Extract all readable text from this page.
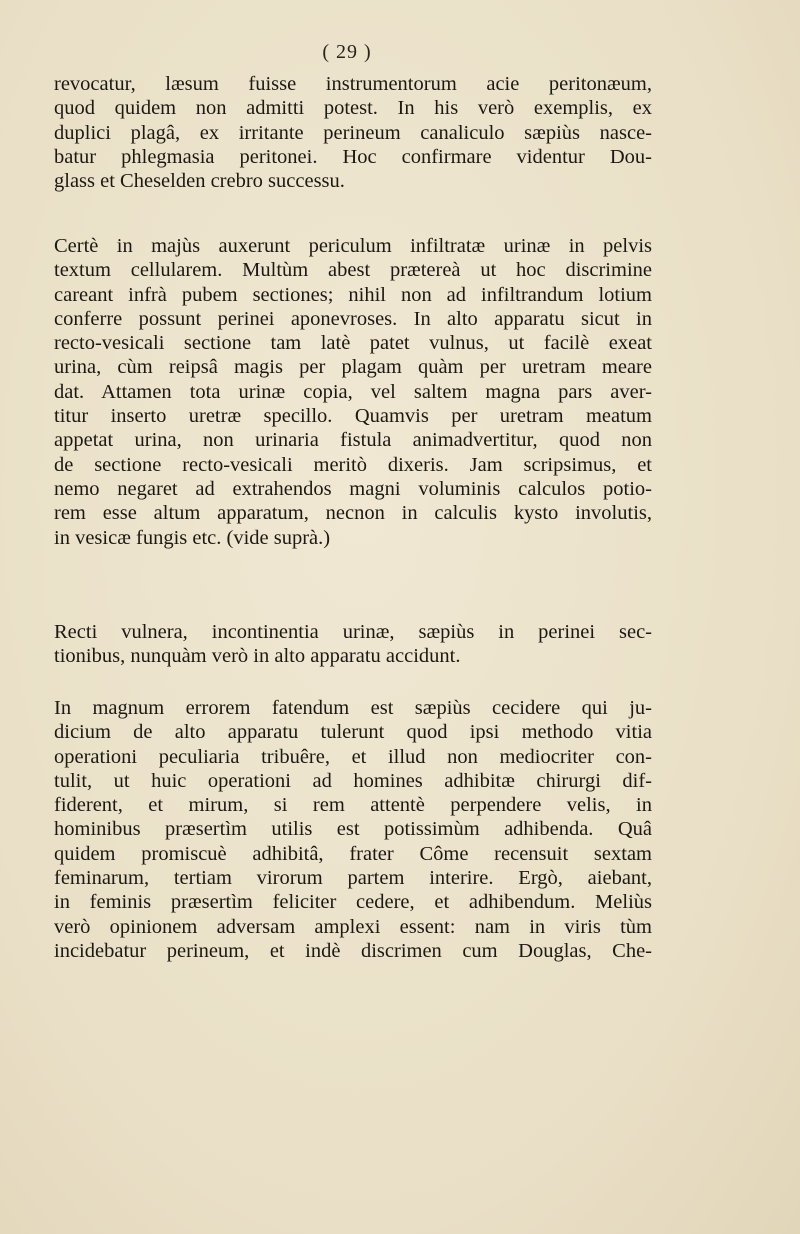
( 29 )
revocatur, læsum fuisse instrumentorum acie peritonæum,
quod quidem non admitti potest. In his verò exemplis, ex
duplici plagâ, ex irritante perineum canaliculo sæpiùs nasce-
batur phlegmasia peritonei. Hoc confirmare videntur Dou-
glass et Cheselden crebro successu.
Certè in majùs auxerunt periculum infiltratæ urinæ in pelvis
textum cellularem. Multùm abest prætereà ut hoc discrimine
careant infrà pubem sectiones; nihil non ad infiltrandum lotium
conferre possunt perinei aponevroses. In alto apparatu sicut in
recto-vesicali sectione tam latè patet vulnus, ut facilè exeat
urina, cùm reipsâ magis per plagam quàm per uretram meare
dat. Attamen tota urinæ copia, vel saltem magna pars aver-
titur inserto uretræ specillo. Quamvis per uretram meatum
appetat urina, non urinaria fistula animadvertitur, quod non
de sectione recto-vesicali meritò dixeris. Jam scripsimus, et
nemo negaret ad extrahendos magni voluminis calculos potio-
rem esse altum apparatum, necnon in calculis kysto involutis,
in vesicæ fungis etc. (vide suprà.)
Recti vulnera, incontinentia urinæ, sæpiùs in perinei sec-
tionibus, nunquàm verò in alto apparatu accidunt.
In magnum errorem fatendum est sæpiùs cecidere qui ju-
dicium de alto apparatu tulerunt quod ipsi methodo vitia
operationi peculiaria tribuêre, et illud non mediocriter con-
tulit, ut huic operationi ad homines adhibitæ chirurgi dif-
fiderent, et mirum, si rem attentè perpendere velis, in
hominibus præsertìm utilis est potissimùm adhibenda. Quâ
quidem promiscuè adhibitâ, frater Côme recensuit sextam
feminarum, tertiam virorum partem interire. Ergò, aiebant,
in feminis præsertìm feliciter cedere, et adhibendum. Meliùs
verò opinionem adversam amplexi essent: nam in viris tùm
incidebatur perineum, et indè discrimen cum Douglas, Che-
